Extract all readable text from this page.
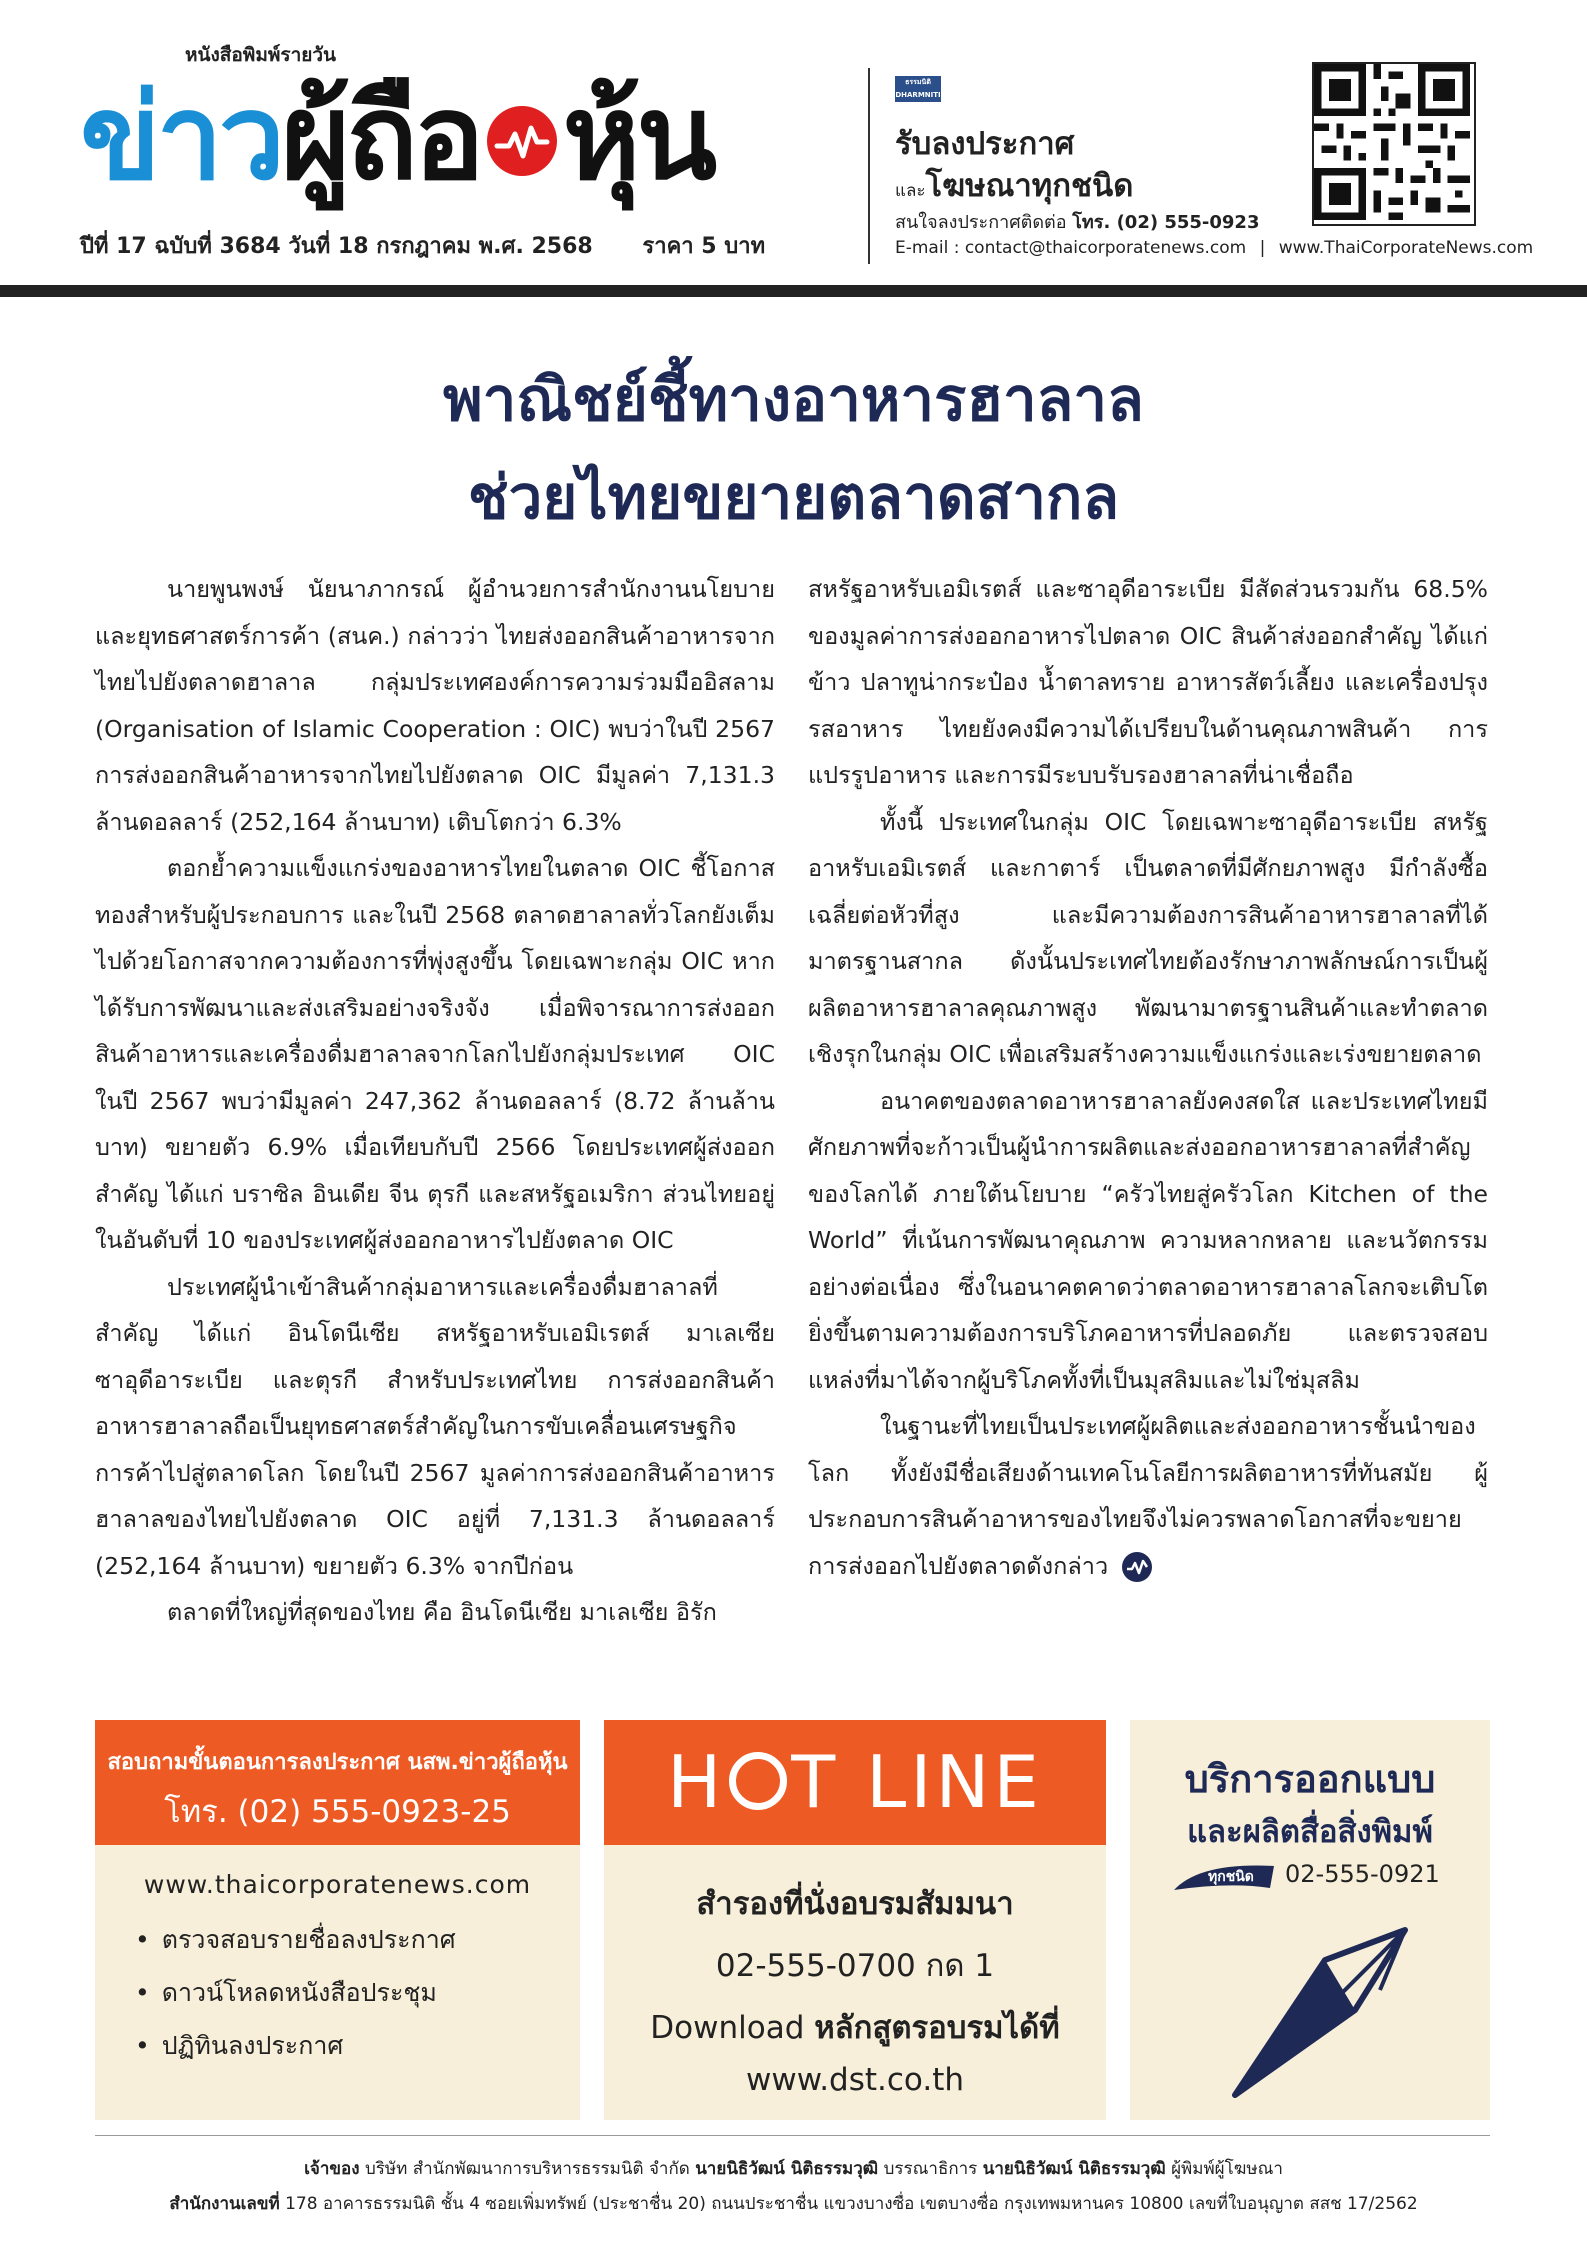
หนังสือพิมพ์รายวัน
ข่าว ผู้ถือ หุ้น
ปีที่ 17 ฉบับที่ 3684 วันที่ 18 กรกฎาคม พ.ศ. 2568 ราคา 5 บาท
ธรรมนิติ
DHARMNITI
รับลงประกาศ
และโฆษณาทุกชนิด
สนใจลงประกาศติดต่อ โทร. (02) 555-0923
E-mail : contact@thaicorporatenews.com | www.ThaiCorporateNews.com
พาณิชย์ชี้ทางอาหารฮาลาล
ช่วยไทยขยายตลาดสากล

นายพูนพงษ์ นัยนาภากรณ์ ผู้อำนวยการสำนักงานนโยบายและยุทธศาสตร์การค้า (สนค.) กล่าวว่า ไทยส่งออกสินค้าอาหารจากไทยไปยังตลาดฮาลาล กลุ่มประเทศองค์การความร่วมมืออิสลาม (Organisation of Islamic Cooperation : OIC) พบว่าในปี 2567 การส่งออกสินค้าอาหารจากไทยไปยังตลาด OIC มีมูลค่า 7,131.3 ล้านดอลลาร์ (252,164 ล้านบาท) เติบโตกว่า 6.3%

ตอกย้ำความแข็งแกร่งของอาหารไทยในตลาด OIC ชี้โอกาสทองสำหรับผู้ประกอบการ และในปี 2568 ตลาดฮาลาลทั่วโลกยังเต็มไปด้วยโอกาสจากความต้องการที่พุ่งสูงขึ้น โดยเฉพาะกลุ่ม OIC หากได้รับการพัฒนาและส่งเสริมอย่างจริงจัง เมื่อพิจารณาการส่งออกสินค้าอาหารและเครื่องดื่มฮาลาลจากโลกไปยังกลุ่มประเทศ OIC ในปี 2567 พบว่ามีมูลค่า 247,362 ล้านดอลลาร์ (8.72 ล้านล้านบาท) ขยายตัว 6.9% เมื่อเทียบกับปี 2566 โดยประเทศผู้ส่งออกสำคัญ ได้แก่ บราซิล อินเดีย จีน ตุรกี และสหรัฐอเมริกา ส่วนไทยอยู่ในอันดับที่ 10 ของประเทศผู้ส่งออกอาหารไปยังตลาด OIC

ประเทศผู้นำเข้าสินค้ากลุ่มอาหารและเครื่องดื่มฮาลาลที่สำคัญ ได้แก่ อินโดนีเซีย สหรัฐอาหรับเอมิเรตส์ มาเลเซีย ซาอุดีอาระเบีย และตุรกี สำหรับประเทศไทย การส่งออกสินค้าอาหารฮาลาลถือเป็นยุทธศาสตร์สำคัญในการขับเคลื่อนเศรษฐกิจการค้าไปสู่ตลาดโลก โดยในปี 2567 มูลค่าการส่งออกสินค้าอาหารฮาลาลของไทยไปยังตลาด OIC อยู่ที่ 7,131.3 ล้านดอลลาร์ (252,164 ล้านบาท) ขยายตัว 6.3% จากปีก่อน

ตลาดที่ใหญ่ที่สุดของไทย คือ อินโดนีเซีย มาเลเซีย อิรัก

สหรัฐอาหรับเอมิเรตส์ และซาอุดีอาระเบีย มีสัดส่วนรวมกัน 68.5% ของมูลค่าการส่งออกอาหารไปตลาด OIC สินค้าส่งออกสำคัญ ได้แก่ ข้าว ปลาทูน่ากระป๋อง น้ำตาลทราย อาหารสัตว์เลี้ยง และเครื่องปรุงรสอาหาร ไทยยังคงมีความได้เปรียบในด้านคุณภาพสินค้า การแปรรูปอาหาร และการมีระบบรับรองฮาลาลที่น่าเชื่อถือ

ทั้งนี้ ประเทศในกลุ่ม OIC โดยเฉพาะซาอุดีอาระเบีย สหรัฐอาหรับเอมิเรตส์ และกาตาร์ เป็นตลาดที่มีศักยภาพสูง มีกำลังซื้อเฉลี่ยต่อหัวที่สูง และมีความต้องการสินค้าอาหารฮาลาลที่ได้มาตรฐานสากล ดังนั้นประเทศไทยต้องรักษาภาพลักษณ์การเป็นผู้ผลิตอาหารฮาลาลคุณภาพสูง พัฒนามาตรฐานสินค้าและทำตลาดเชิงรุกในกลุ่ม OIC เพื่อเสริมสร้างความแข็งแกร่งและเร่งขยายตลาด

อนาคตของตลาดอาหารฮาลาลยังคงสดใส และประเทศไทยมีศักยภาพที่จะก้าวเป็นผู้นำการผลิตและส่งออกอาหารฮาลาลที่สำคัญของโลกได้ ภายใต้นโยบาย “ครัวไทยสู่ครัวโลก Kitchen of the World” ที่เน้นการพัฒนาคุณภาพ ความหลากหลาย และนวัตกรรมอย่างต่อเนื่อง ซึ่งในอนาคตคาดว่าตลาดอาหารฮาลาลโลกจะเติบโตยิ่งขึ้นตามความต้องการบริโภคอาหารที่ปลอดภัย และตรวจสอบแหล่งที่มาได้จากผู้บริโภคทั้งที่เป็นมุสลิมและไม่ใช่มุสลิม

ในฐานะที่ไทยเป็นประเทศผู้ผลิตและส่งออกอาหารชั้นนำของโลก ทั้งยังมีชื่อเสียงด้านเทคโนโลยีการผลิตอาหารที่ทันสมัย ผู้ประกอบการสินค้าอาหารของไทยจึงไม่ควรพลาดโอกาสที่จะขยายการส่งออกไปยังตลาดดังกล่าว

สอบถามขั้นตอนการลงประกาศ นสพ.ข่าวผู้ถือหุ้น
โทร. (02) 555-0923-25
www.thaicorporatenews.com
• ตรวจสอบรายชื่อลงประกาศ
• ดาวน์โหลดหนังสือประชุม
• ปฏิทินลงประกาศ
H T LINE
สำรองที่นั่งอบรมสัมมนา
02-555-0700 กด 1
Download หลักสูตรอบรมได้ที่
www.dst.co.th
บริการออกแบบ
และผลิตสื่อสิ่งพิมพ์
ทุกชนิด 02-555-0921
เจ้าของ บริษัท สำนักพัฒนาการบริหารธรรมนิติ จำกัด นายนิธิวัฒน์ นิติธรรมวุฒิ บรรณาธิการ นายนิธิวัฒน์ นิติธรรมวุฒิ ผู้พิมพ์ผู้โฆษณา
สำนักงานเลขที่ 178 อาคารธรรมนิติ ชั้น 4 ซอยเพิ่มทรัพย์ (ประชาชื่น 20) ถนนประชาชื่น แขวงบางซื่อ เขตบางซื่อ กรุงเทพมหานคร 10800 เลขที่ใบอนุญาต สสช 17/2562
